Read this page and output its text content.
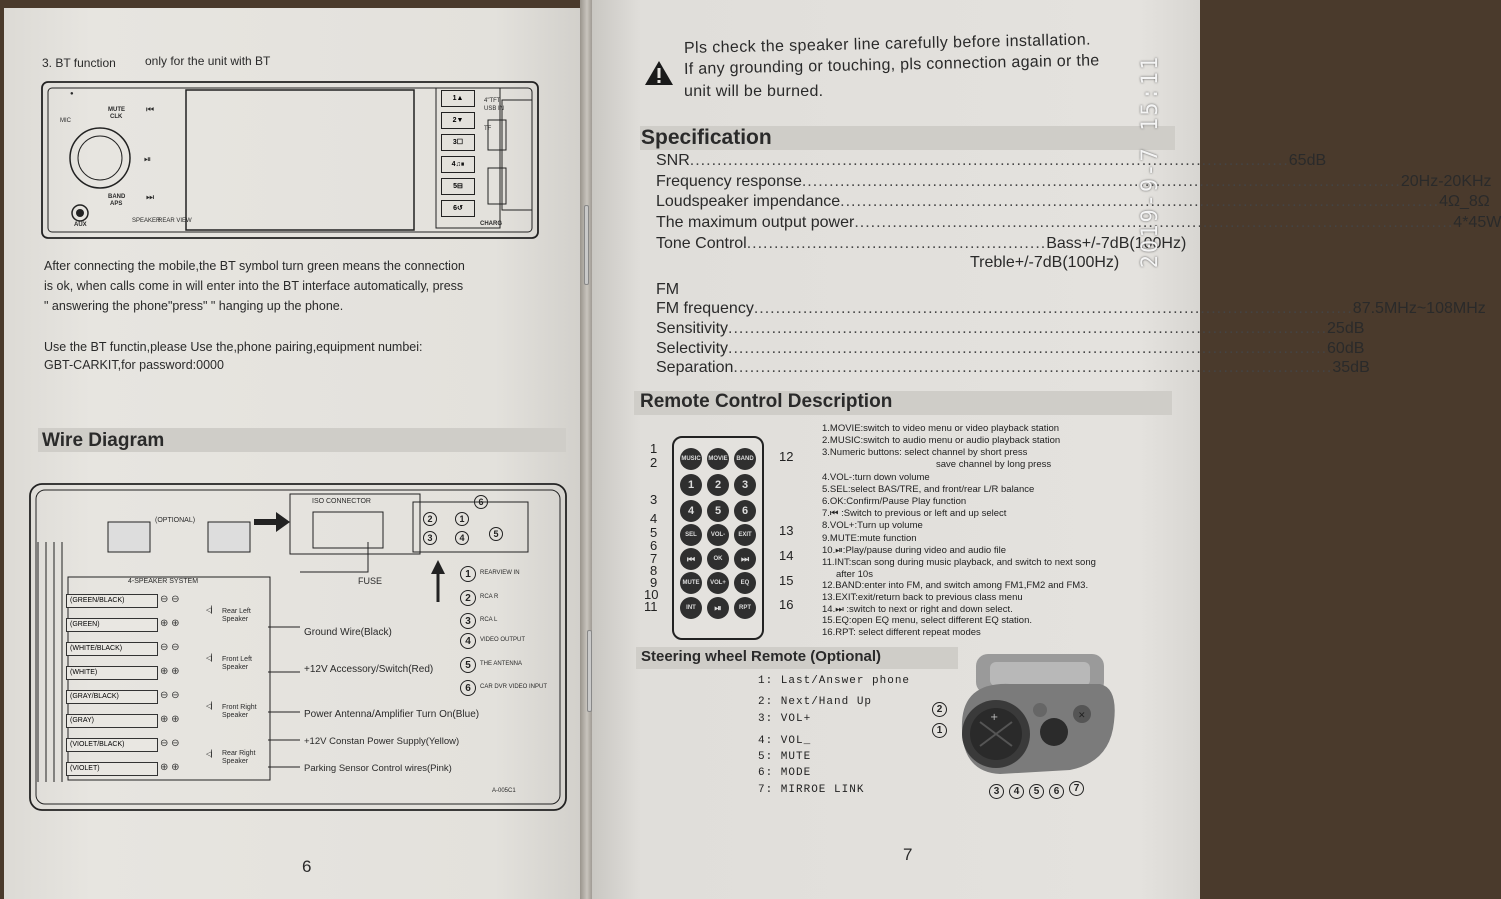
3. BT function only for the unit with BT
●
MIC
MUTE
CLK
⏮
⏯
⏭
BAND
APS
AUX
SPEAKER
REAR VIEW	CHARG
1▲
2▼
3☐
4♫⏸
5⊟
6↺
4"TFT
USB IN
TF
After connecting the mobile,the BT symbol turn green means the connection
is ok, when calls come in will enter into the BT interface automatically, press
" answering the phone"press" " hanging up the phone.
Use the BT functin,please Use the,phone pairing,equipment numbei:
GBT-CARKIT,for password:0000
Wire Diagram
(OPTIONAL)
ISO CONNECTOR
FUSE
4-SPEAKER SYSTEM
(GREEN/BLACK)
(GREEN)
(WHITE/BLACK)
(WHITE)
(GRAY/BLACK)
(GRAY)
(VIOLET/BLACK)
(VIOLET)
⊖ ⊖
⊕ ⊕
⊖ ⊖
⊕ ⊕
⊖ ⊖
⊕ ⊕
⊖ ⊖
⊕ ⊕
◁▏ Rear Left Speaker
◁▏ Front Left Speaker
◁▏ Front Right Speaker
◁▏ Rear Right Speaker
Ground Wire(Black)
+12V Accessory/Switch(Red)
Power Antenna/Amplifier Turn On(Blue)
+12V Constan Power Supply(Yellow)
Parking Sensor Control wires(Pink)
2	1
3	4	5
6
1	REARVIEW IN
2	RCA R
3	RCA L
4	VIDEO OUTPUT
5	THE ANTENNA
6	CAR DVR VIDEO INPUT
A-005C1
6
Pls check the speaker line carefully before installation.
If any grounding or touching, pls connection again or the
unit will be burned.
Specification
SNR .............................................................................................................. 65dB
Frequency response .............................................................................................................. 20Hz-20KHz
Loudspeaker impendance .............................................................................................................. 4Ω_8Ω
The maximum output power .............................................................................................................. 4*45W
Tone Control ....................................................... Bass+/-7dB(100Hz)
Treble+/-7dB(100Hz)
FM
FM frequency .............................................................................................................. 87.5MHz~108MHz
Sensitivity .............................................................................................................. 25dB
Selectivity .............................................................................................................. 60dB
Separation .............................................................................................................. 35dB
Remote Control Description
MUSIC MOVIE	BAND
1	2	3
4	5	6
SEL	VOL-	EXIT
⏮	OK	⏭
MUTE	VOL+	EQ
INT	⏯	RPT
1
2
3
4
5
6
7
8
9
10
11
12
13
14
15
16
1.MOVIE:switch to video menu or video playback station
2.MUSIC:switch to audio menu or audio playback station
3.Numeric buttons: select channel by short press
save channel by long press
4.VOL-:turn down volume
5.SEL:select BAS/TRE, and front/rear L/R balance
6.OK:Confirm/Pause Play function
7.⏮ :Switch to previous or left and up select
8.VOL+:Turn up volume
9.MUTE:mute function
10.⏯:Play/pause during video and audio file
11.INT:scan song during music playback, and switch to next song
after 10s
12.BAND:enter into FM, and switch among FM1,FM2 and FM3.
13.EXIT:exit/return back to previous class menu
14.⏭ :switch to next or right and down select.
15.EQ:open EQ menu, select different EQ station.
16.RPT: select different repeat modes
Steering wheel Remote (Optional)
1: Last/Answer phone
2: Next/Hand Up
3: VOL+
4: VOL_
5: MUTE
6: MODE
7: MIRROE LINK
+	✕
2
1
3	4	5	6	7
7
2019-9-7 15:11
